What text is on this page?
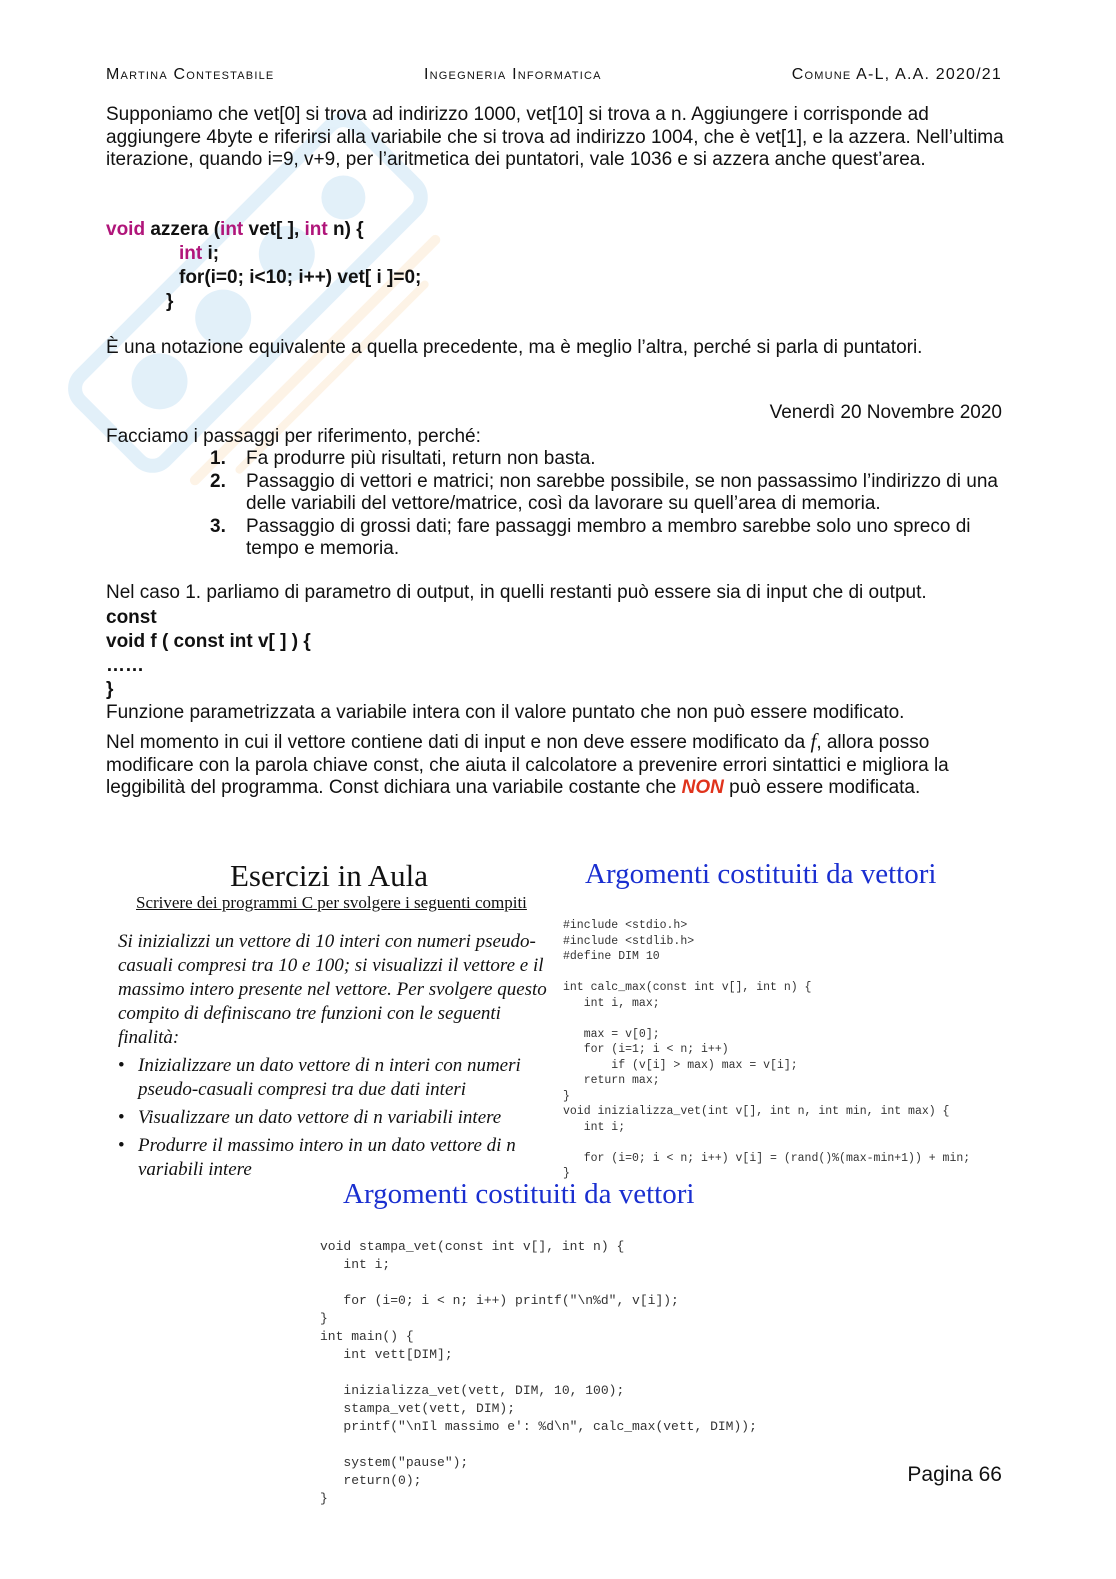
Martina Contestabile	Ingegneria Informatica	Comune A-L, A.A. 2020/21
Supponiamo che vet[0] si trova ad indirizzo 1000, vet[10] si trova a n. Aggiungere i corrisponde ad aggiungere 4byte e riferirsi alla variabile che si trova ad indirizzo 1004, che è vet[1], e la azzera. Nell’ultima iterazione, quando i=9, v+9, per l’aritmetica dei puntatori, vale 1036 e si azzera anche quest’area.
void azzera (int vet[ ], int n) {
int i;
for(i=0; i<10; i++) vet[ i ]=0;
}
È una notazione equivalente a quella precedente, ma è meglio l’altra, perché si parla di puntatori.
Venerdì 20 Novembre 2020
Facciamo i passaggi per riferimento, perché:
1. Fa produrre più risultati, return non basta.
2. Passaggio di vettori e matrici; non sarebbe possibile, se non passassimo l’indirizzo di una delle variabili del vettore/matrice, così da lavorare su quell’area di memoria.
3. Passaggio di grossi dati; fare passaggi membro a membro sarebbe solo uno spreco di tempo e memoria.
Nel caso 1. parliamo di parametro di output, in quelli restanti può essere sia di input che di output.
const
void f ( const int v[ ] ) {
……
}
Funzione parametrizzata a variabile intera con il valore puntato che non può essere modificato.
Nel momento in cui il vettore contiene dati di input e non deve essere modificato da f, allora posso modificare con la parola chiave const, che aiuta il calcolatore a prevenire errori sintattici e migliora la leggibilità del programma. Const dichiara una variabile costante che NON può essere modificata.
Esercizi in Aula
Scrivere dei programmi C per svolgere i seguenti compiti
Si inizializzi un vettore di 10 interi con numeri pseudo-casuali compresi tra 10 e 100; si visualizzi il vettore e il massimo intero presente nel vettore. Per svolgere questo compito di definiscano tre funzioni con le seguenti finalità:
• Inizializzare un dato vettore di n interi con numeri pseudo-casuali compresi tra due dati interi
• Visualizzare un dato vettore di n variabili intere
• Produrre il massimo intero in un dato vettore di n variabili intere
Argomenti costituiti da vettori
#include <stdio.h>
#include <stdlib.h>
#define DIM 10

int calc_max(const int v[], int n) {
int i, max;

max = v[0];
for (i=1; i < n; i++)
if (v[i] > max) max = v[i];
return max;
}
void inizializza_vet(int v[], int n, int min, int max) {
int i;

for (i=0; i < n; i++) v[i] = (rand()%(max-min+1)) + min;
}
Argomenti costituiti da vettori
void stampa_vet(const int v[], int n) {
int i;

for (i=0; i < n; i++) printf("\n%d", v[i]);
}
int main() {
int vett[DIM];

inizializza_vet(vett, DIM, 10, 100);
stampa_vet(vett, DIM);
printf("\nIl massimo e': %d\n", calc_max(vett, DIM));

system("pause");
return(0);
}
Pagina 66
